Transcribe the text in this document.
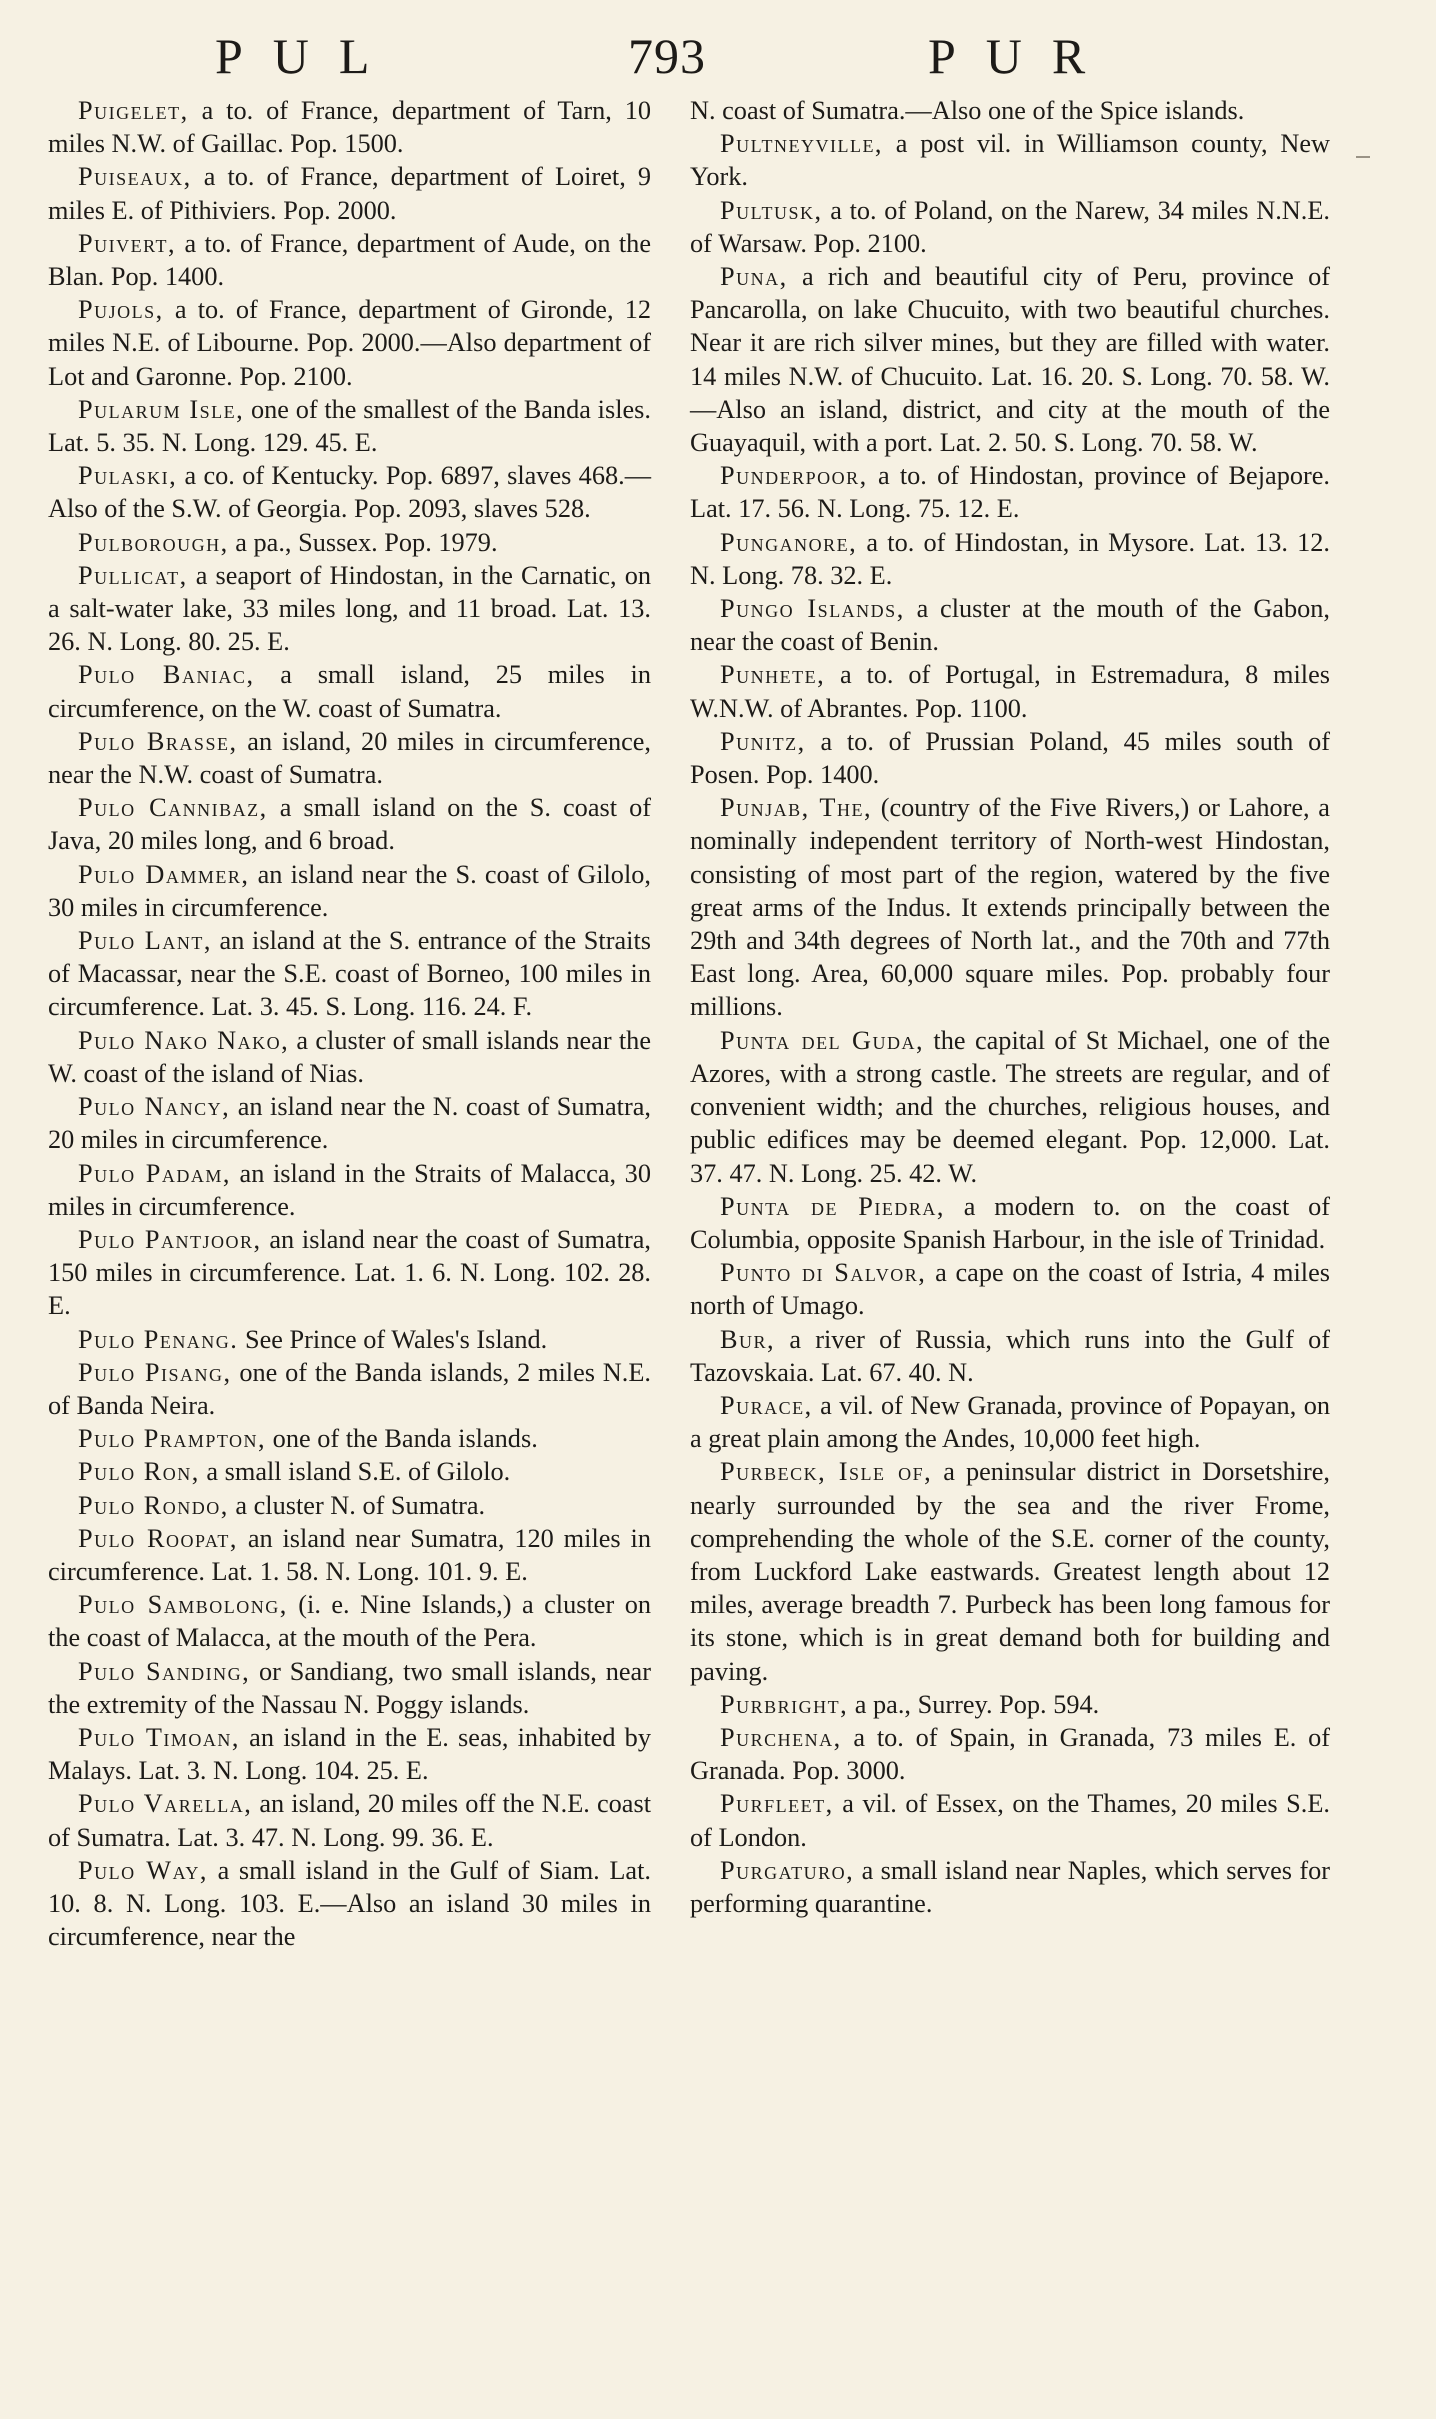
PUL	793	PUR

Puigelet, a to. of France, department of Tarn, 10 miles N.W. of Gaillac. Pop. 1500.

Puiseaux, a to. of France, department of Loiret, 9 miles E. of Pithiviers. Pop. 2000.

Puivert, a to. of France, department of Aude, on the Blan. Pop. 1400.

Pujols, a to. of France, department of Gironde, 12 miles N.E. of Libourne. Pop. 2000.—Also department of Lot and Garonne. Pop. 2100.

Pularum Isle, one of the smallest of the Banda isles. Lat. 5. 35. N. Long. 129. 45. E.

Pulaski, a co. of Kentucky. Pop. 6897, slaves 468.—Also of the S.W. of Georgia. Pop. 2093, slaves 528.

Pulborough, a pa., Sussex. Pop. 1979.

Pullicat, a seaport of Hindostan, in the Carnatic, on a salt-water lake, 33 miles long, and 11 broad. Lat. 13. 26. N. Long. 80. 25. E.

Pulo Baniac, a small island, 25 miles in circumference, on the W. coast of Sumatra.

Pulo Brasse, an island, 20 miles in circumference, near the N.W. coast of Sumatra.

Pulo Cannibaz, a small island on the S. coast of Java, 20 miles long, and 6 broad.

Pulo Dammer, an island near the S. coast of Gilolo, 30 miles in circumference.

Pulo Lant, an island at the S. entrance of the Straits of Macassar, near the S.E. coast of Borneo, 100 miles in circumference. Lat. 3. 45. S. Long. 116. 24. F.

Pulo Nako Nako, a cluster of small islands near the W. coast of the island of Nias.

Pulo Nancy, an island near the N. coast of Sumatra, 20 miles in circumference.

Pulo Padam, an island in the Straits of Malacca, 30 miles in circumference.

Pulo Pantjoor, an island near the coast of Sumatra, 150 miles in circumference. Lat. 1. 6. N. Long. 102. 28. E.

Pulo Penang. See Prince of Wales's Island.

Pulo Pisang, one of the Banda islands, 2 miles N.E. of Banda Neira.

Pulo Prampton, one of the Banda islands.

Pulo Ron, a small island S.E. of Gilolo.

Pulo Rondo, a cluster N. of Sumatra.

Pulo Roopat, an island near Sumatra, 120 miles in circumference. Lat. 1. 58. N. Long. 101. 9. E.

Pulo Sambolong, (i. e. Nine Islands,) a cluster on the coast of Malacca, at the mouth of the Pera.

Pulo Sanding, or Sandiang, two small islands, near the extremity of the Nassau N. Poggy islands.

Pulo Timoan, an island in the E. seas, inhabited by Malays. Lat. 3. N. Long. 104. 25. E.

Pulo Varella, an island, 20 miles off the N.E. coast of Sumatra. Lat. 3. 47. N. Long. 99. 36. E.

Pulo Way, a small island in the Gulf of Siam. Lat. 10. 8. N. Long. 103. E.—Also an island 30 miles in circumference, near the

N. coast of Sumatra.—Also one of the Spice islands.

Pultneyville, a post vil. in Williamson county, New York.

Pultusk, a to. of Poland, on the Narew, 34 miles N.N.E. of Warsaw. Pop. 2100.

Puna, a rich and beautiful city of Peru, province of Pancarolla, on lake Chucuito, with two beautiful churches. Near it are rich silver mines, but they are filled with water. 14 miles N.W. of Chucuito. Lat. 16. 20. S. Long. 70. 58. W.—Also an island, district, and city at the mouth of the Guayaquil, with a port. Lat. 2. 50. S. Long. 70. 58. W.

Punderpoor, a to. of Hindostan, province of Bejapore. Lat. 17. 56. N. Long. 75. 12. E.

Punganore, a to. of Hindostan, in Mysore. Lat. 13. 12. N. Long. 78. 32. E.

Pungo Islands, a cluster at the mouth of the Gabon, near the coast of Benin.

Punhete, a to. of Portugal, in Estremadura, 8 miles W.N.W. of Abrantes. Pop. 1100.

Punitz, a to. of Prussian Poland, 45 miles south of Posen. Pop. 1400.

Punjab, The, (country of the Five Rivers,) or Lahore, a nominally independent territory of North-west Hindostan, consisting of most part of the region, watered by the five great arms of the Indus. It extends principally between the 29th and 34th degrees of North lat., and the 70th and 77th East long. Area, 60,000 square miles. Pop. probably four millions.

Punta del Guda, the capital of St Michael, one of the Azores, with a strong castle. The streets are regular, and of convenient width; and the churches, religious houses, and public edifices may be deemed elegant. Pop. 12,000. Lat. 37. 47. N. Long. 25. 42. W.

Punta de Piedra, a modern to. on the coast of Columbia, opposite Spanish Harbour, in the isle of Trinidad.

Punto di Salvor, a cape on the coast of Istria, 4 miles north of Umago.

Bur, a river of Russia, which runs into the Gulf of Tazovskaia. Lat. 67. 40. N.

Purace, a vil. of New Granada, province of Popayan, on a great plain among the Andes, 10,000 feet high.

Purbeck, Isle of, a peninsular district in Dorsetshire, nearly surrounded by the sea and the river Frome, comprehending the whole of the S.E. corner of the county, from Luckford Lake eastwards. Greatest length about 12 miles, average breadth 7. Purbeck has been long famous for its stone, which is in great demand both for building and paving.

Purbright, a pa., Surrey. Pop. 594.

Purchena, a to. of Spain, in Granada, 73 miles E. of Granada. Pop. 3000.

Purfleet, a vil. of Essex, on the Thames, 20 miles S.E. of London.

Purgaturo, a small island near Naples, which serves for performing quarantine.
